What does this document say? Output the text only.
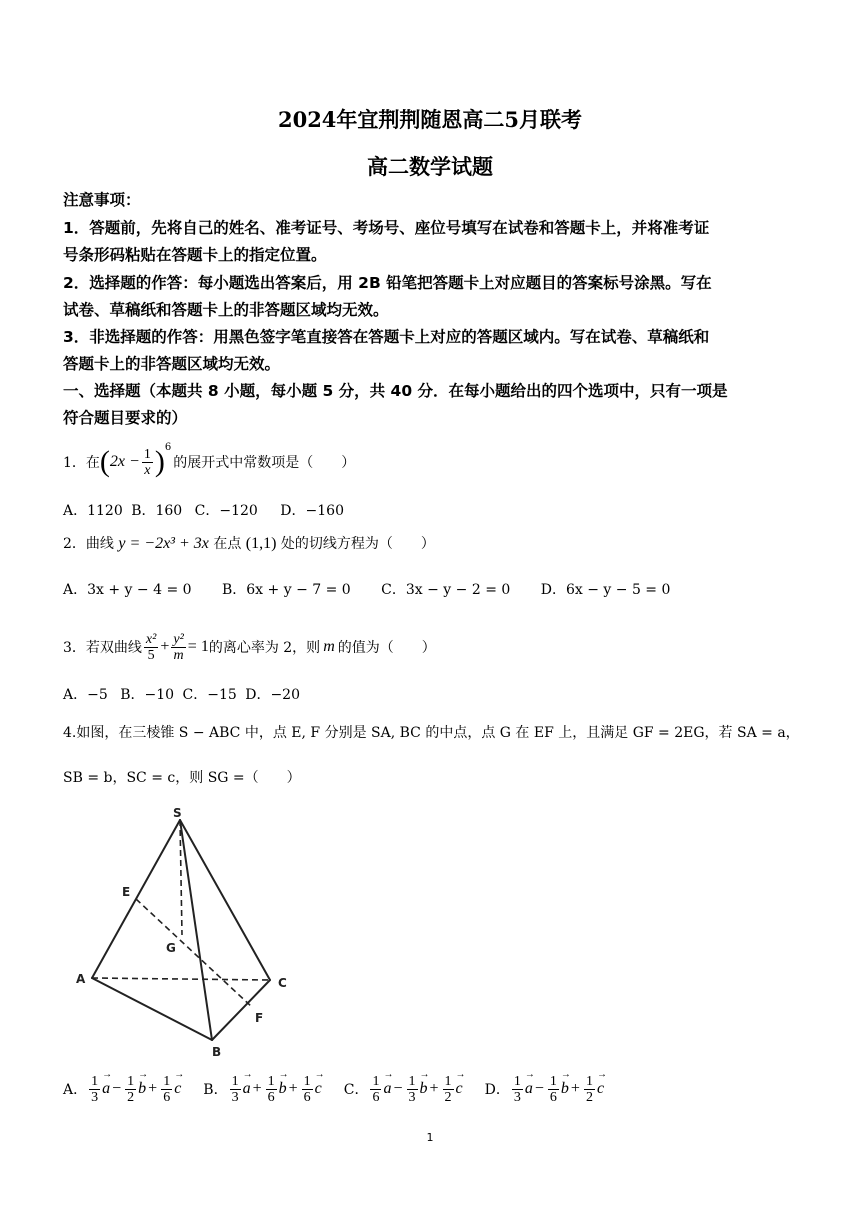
2024年宜荆荆随恩高二5月联考
高二数学试题
注意事项：
1．答题前，先将自己的姓名、准考证号、考场号、座位号填写在试卷和答题卡上，并将准考证
号条形码粘贴在答题卡上的指定位置。
2．选择题的作答：每小题选出答案后，用 2B 铅笔把答题卡上对应题目的答案标号涂黑。写在
试卷、草稿纸和答题卡上的非答题区域均无效。
3．非选择题的作答：用黑色签字笔直接答在答题卡上对应的答题区域内。写在试卷、草稿纸和
答题卡上的非答题区域均无效。
一、选择题（本题共 8 小题，每小题 5 分，共 40 分．在每小题给出的四个选项中，只有一项是
符合题目要求的）
1．在 ( $2x - \frac{1}{x}$ ) 6
的展开式中常数项是（　　）
A．1120 B．160 C．−120 D．−160
2．曲线 y = −2x³ + 3x 在点 (1,1) 处的切线方程为（　　）
A．3x + y − 4 = 0 B．6x + y − 7 = 0 C．3x − y − 2 = 0 D．6x − y − 5 = 0
3．若双曲线 $\frac{\text{x²}}{5} + \frac{\text{y²}}{m} = 1$ 的离心率为 2，则 m 的值为（　　）
A．−5 B．−10 C．−15 D．−20
4.如图，在三棱锥 S − ABC 中，点 E, F 分别是 SA, BC 的中点，点 G 在 EF 上，且满足 GF = 2EG，若 SA = a，
SB = b，SC = c，则 SG =（　　）
S
E
G
A	C
F
B
A． $\frac{1}{3}$
→ $a - \frac{1}{2}$
→ $b + \frac{1}{6}$
→ c B． $\frac{1}{3}$
→ $a + \frac{1}{6}$
→ $b + \frac{1}{6}$
→ c C． $\frac{1}{6}$
→ $a - \frac{1}{3}$
→ $b + \frac{1}{2}$
→ c D． $\frac{1}{3}$
→ $a - \frac{1}{6}$
→ $b + \frac{1}{2}$
→ c
1
